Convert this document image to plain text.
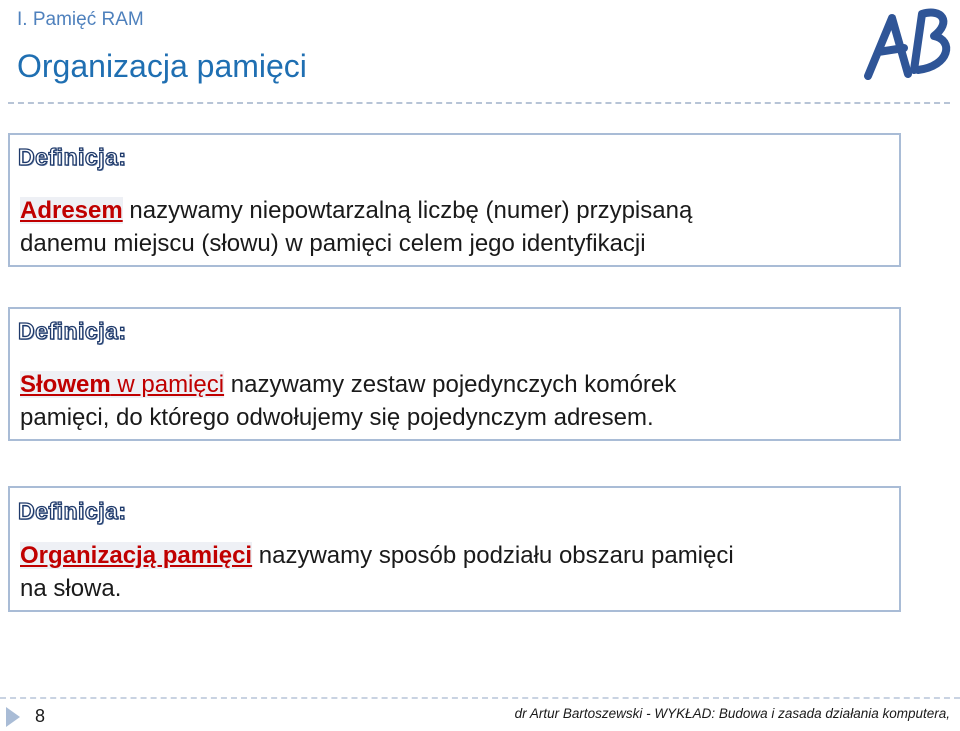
I. Pamięć RAM
Organizacja pamięci
Definicja:
Adresem nazywamy niepowtarzalną liczbę (numer) przypisaną
danemu miejscu (słowu) w pamięci celem jego identyfikacji
Definicja:
Słowem w pamięci nazywamy zestaw pojedynczych komórek
pamięci, do którego odwołujemy się pojedynczym adresem.
Definicja:
Organizacją pamięci nazywamy sposób podziału obszaru pamięci
na słowa.
8	dr Artur Bartoszewski - WYKŁAD: Budowa i zasada działania komputera,
